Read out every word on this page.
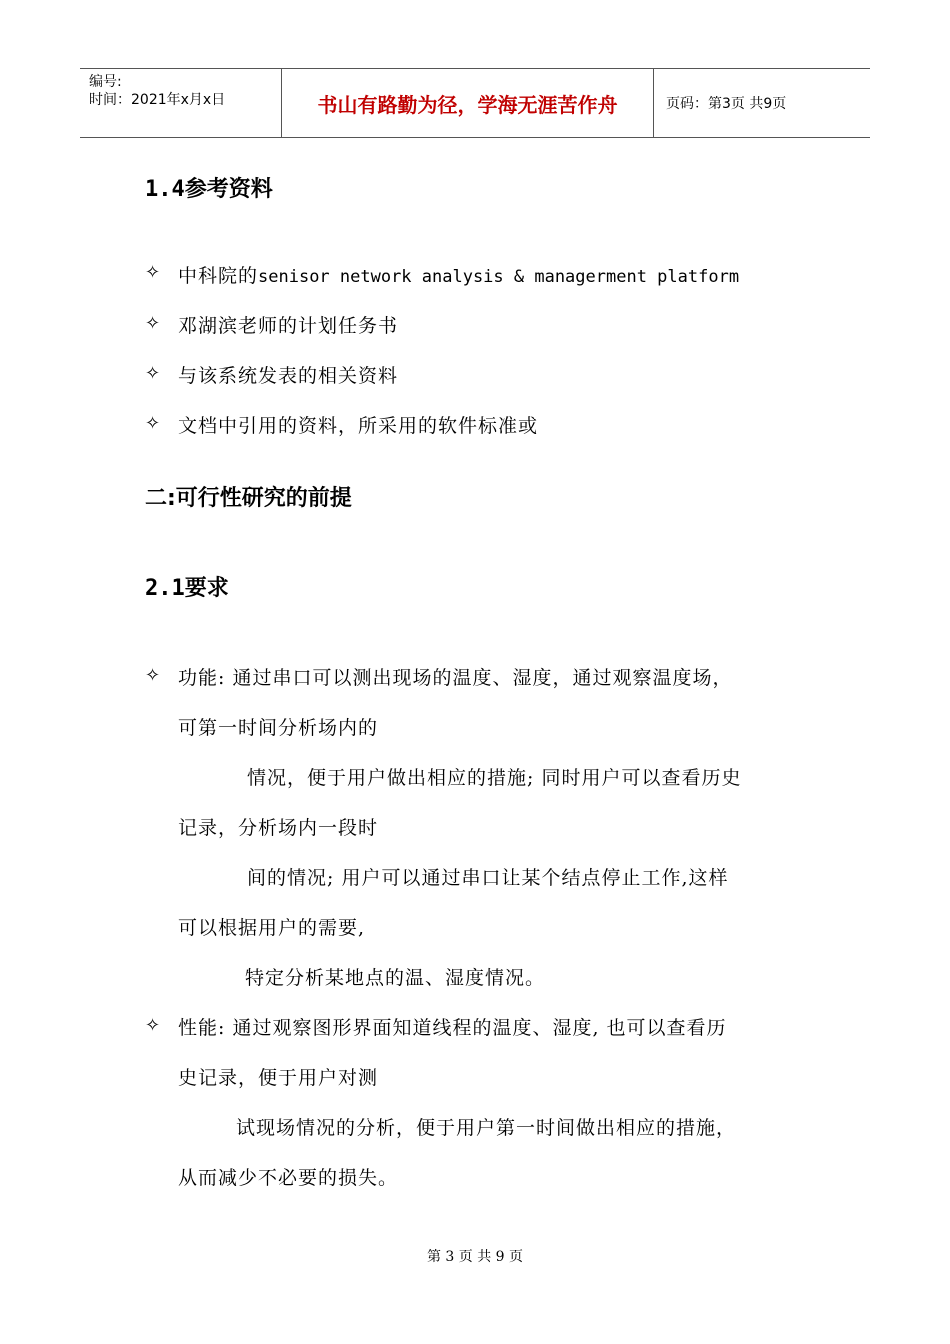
编号:
时间：2021年x月x日	书山有路勤为径，学海无涯苦作舟	页码：第3页 共9页
1.4参考资料
✧ 中科院的senisor network analysis & managerment platform
✧ 邓湖滨老师的计划任务书
✧ 与该系统发表的相关资料
✧ 文档中引用的资料，所采用的软件标准或
二:可行性研究的前提
2.1要求
✧ 功能: 通过串口可以测出现场的温度、湿度，通过观察温度场，
可第一时间分析场内的
情况，便于用户做出相应的措施; 同时用户可以查看历史
记录，分析场内一段时
间的情况; 用户可以通过串口让某个结点停止工作,这样
可以根据用户的需要,
特定分析某地点的温、湿度情况。
✧ 性能: 通过观察图形界面知道线程的温度、湿度, 也可以查看历
史记录，便于用户对测
试现场情况的分析，便于用户第一时间做出相应的措施，
从而减少不必要的损失。
第 3 页 共 9 页
